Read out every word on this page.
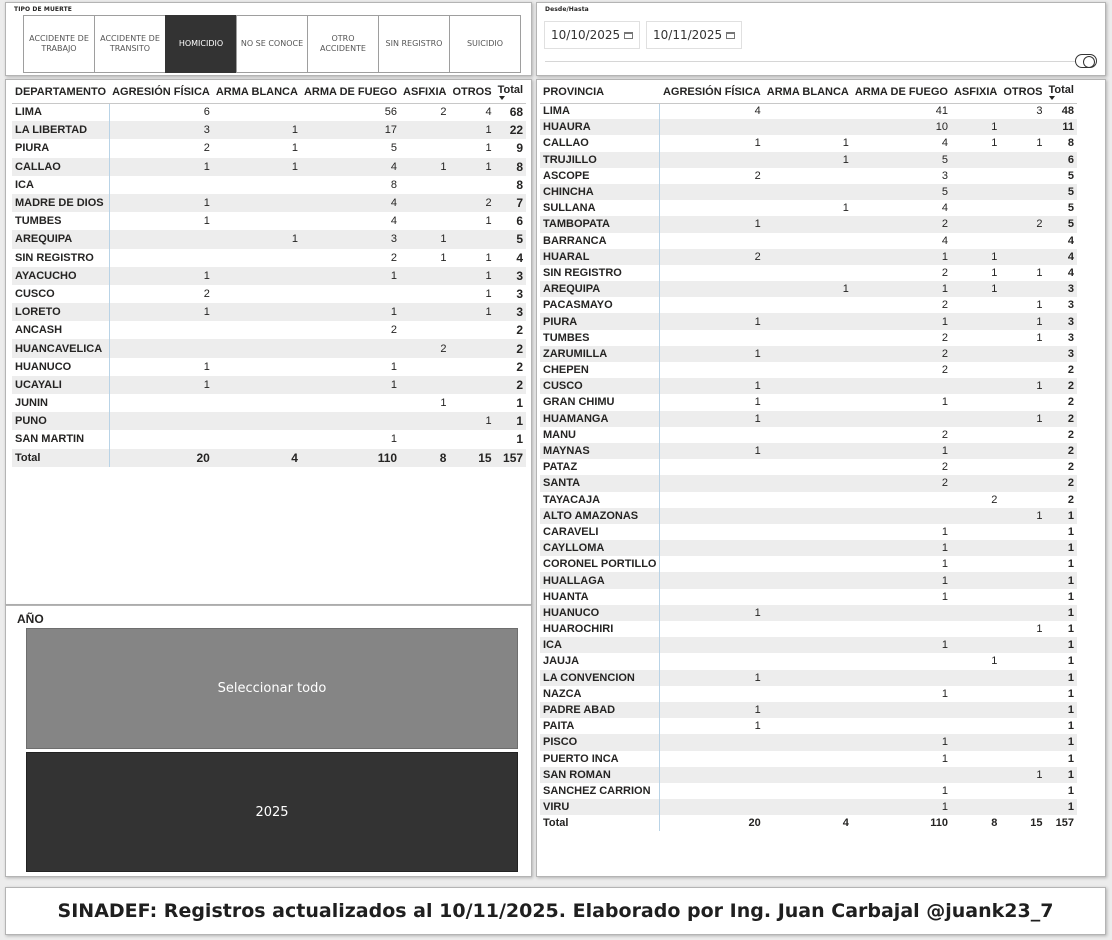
TIPO DE MUERTE
ACCIDENTE DE TRABAJO
ACCIDENTE DE TRANSITO
HOMICIDIO	NO SE CONOCE
OTRO ACCIDENTE
SIN REGISTRO	SUICIDIO
Desde/Hasta
10/10/2025	10/11/2025
DEPARTAMENTO	AGRESIÓN FÍSICA	ARMA BLANCA	ARMA DE FUEGO	ASFIXIA	OTROS	Total

LIMA	6		56	2	4	68
LA LIBERTAD	3	1	17		1	22
PIURA	2	1	5		1	9
CALLAO	1	1	4	1	1	8
ICA			8			8
MADRE DE DIOS	1		4		2	7
TUMBES	1		4		1	6
AREQUIPA		1	3	1		5
SIN REGISTRO			2	1	1	4
AYACUCHO	1		1		1	3
CUSCO	2				1	3
LORETO	1		1		1	3
ANCASH			2			2
HUANCAVELICA				2		2
HUANUCO	1		1			2
UCAYALI	1		1			2
JUNIN				1		1
PUNO					1	1
SAN MARTIN			1			1
Total	20	4	110	8	15	157
AÑO
Seleccionar todo
2025
PROVINCIA	AGRESIÓN FÍSICA	ARMA BLANCA	ARMA DE FUEGO	ASFIXIA	OTROS	Total

LIMA	4		41		3	48
HUAURA			10	1		11
CALLAO	1	1	4	1	1	8
TRUJILLO		1	5			6
ASCOPE	2		3			5
CHINCHA			5			5
SULLANA		1	4			5
TAMBOPATA	1		2		2	5
BARRANCA			4			4
HUARAL	2		1	1		4
SIN REGISTRO			2	1	1	4
AREQUIPA		1	1	1		3
PACASMAYO			2		1	3
PIURA	1		1		1	3
TUMBES			2		1	3
ZARUMILLA	1		2			3
CHEPEN			2			2
CUSCO	1				1	2
GRAN CHIMU	1		1			2
HUAMANGA	1				1	2
MANU			2			2
MAYNAS	1		1			2
PATAZ			2			2
SANTA			2			2
TAYACAJA				2		2
ALTO AMAZONAS					1	1
CARAVELI			1			1
CAYLLOMA			1			1
CORONEL PORTILLO			1			1
HUALLAGA			1			1
HUANTA			1			1
HUANUCO	1					1
HUAROCHIRI					1	1
ICA			1			1
JAUJA				1		1
LA CONVENCION	1					1
NAZCA			1			1
PADRE ABAD	1					1
PAITA	1					1
PISCO			1			1
PUERTO INCA			1			1
SAN ROMAN					1	1
SANCHEZ CARRION			1			1
VIRU			1			1
Total	20	4	110	8	15	157
SINADEF: Registros actualizados al 10/11/2025. Elaborado por Ing. Juan Carbajal @juank23_7
